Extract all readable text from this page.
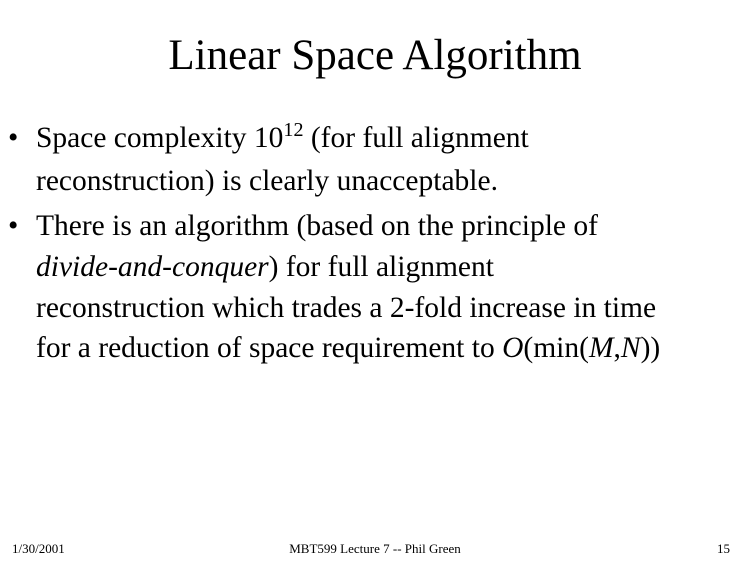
Linear Space Algorithm
• Space complexity $10^{12}$ (for full alignment
reconstruction) is clearly unacceptable.
• There is an algorithm (based on the principle of
divide-and-conquer) for full alignment
reconstruction which trades a 2-fold increase in time
for a reduction of space requirement to O(min(M,N))
1/30/2001	MBT599 Lecture 7 -- Phil Green	15
